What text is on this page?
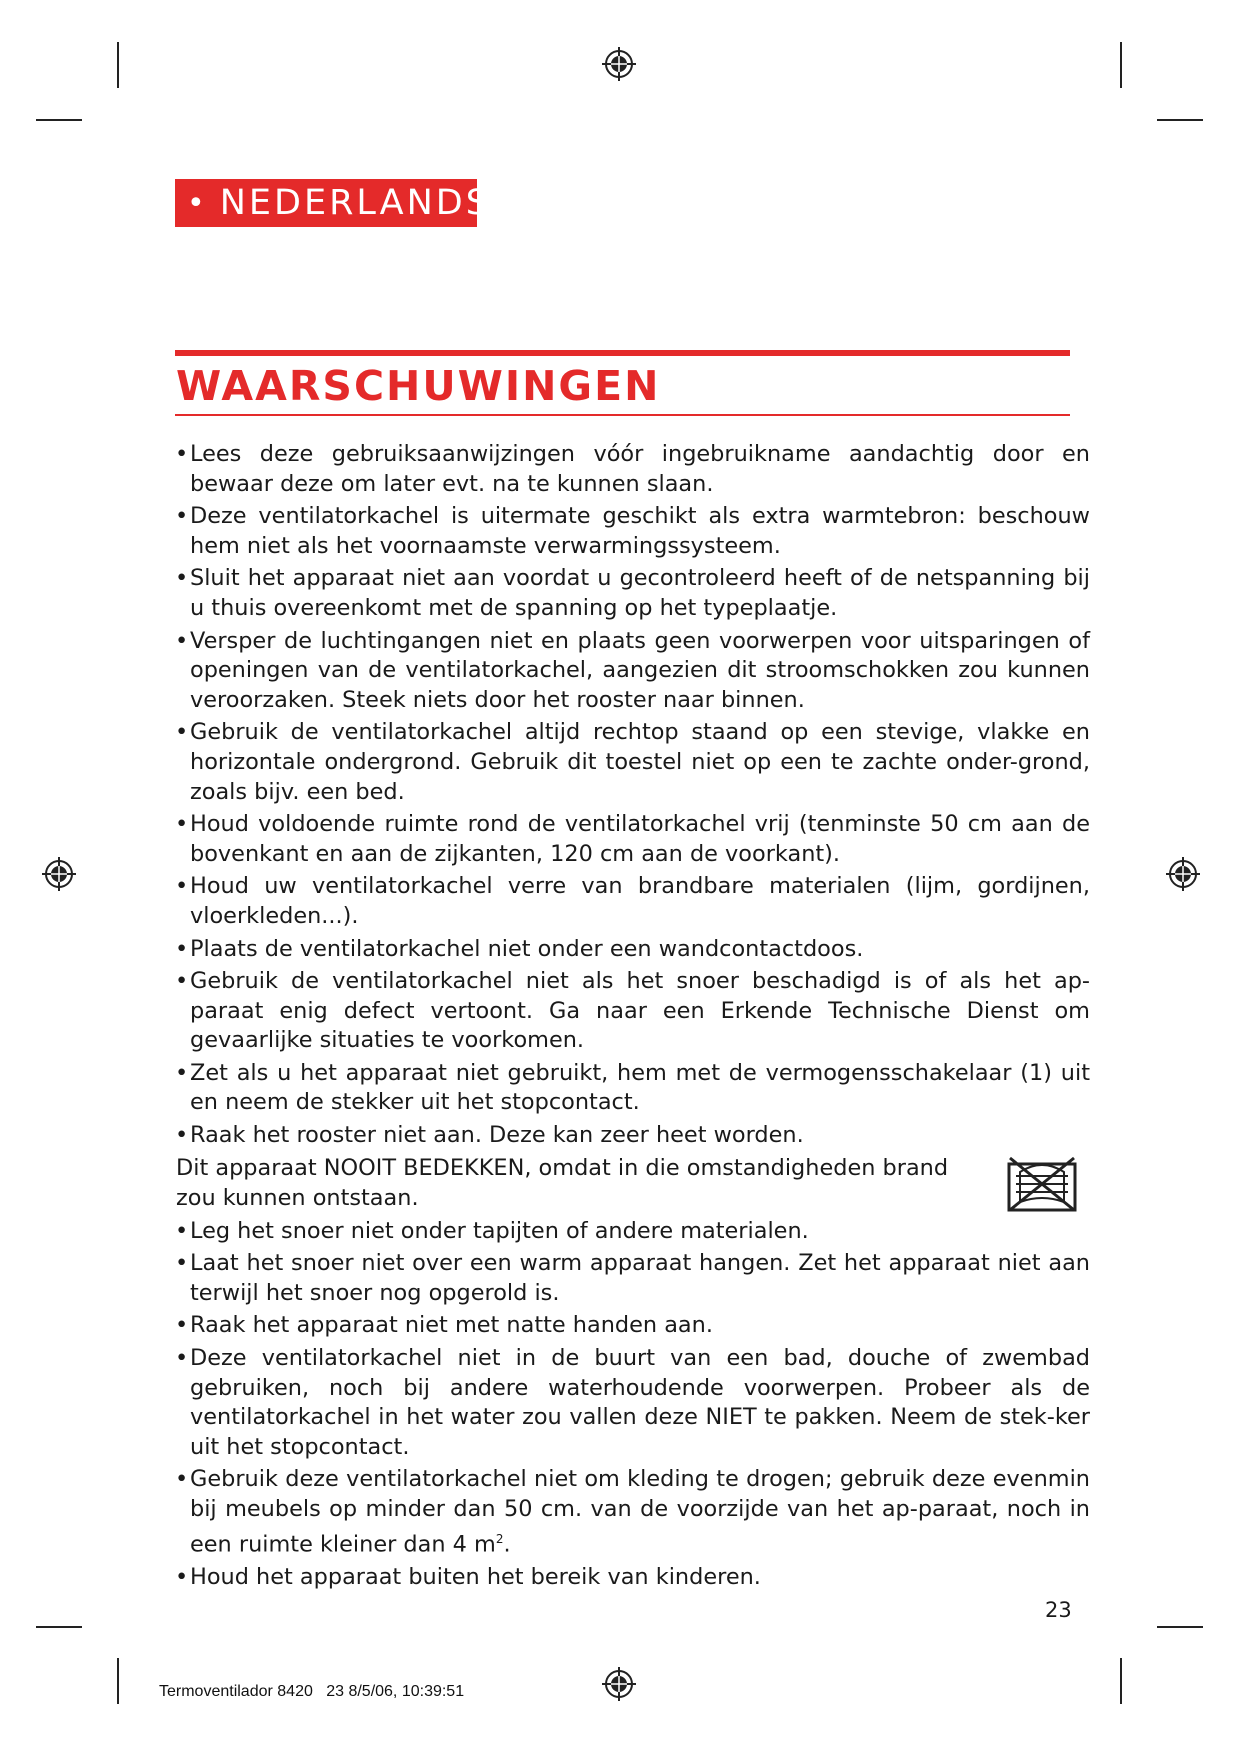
• NEDERLANDS
WAARSCHUWINGEN
• Lees deze gebruiksaanwijzingen vóór ingebruikname aandachtig door en bewaar deze om later evt. na te kunnen slaan.
• Deze ventilatorkachel is uitermate geschikt als extra warmtebron: beschouw hem niet als het voornaamste verwarmingssysteem.
• Sluit het apparaat niet aan voordat u gecontroleerd heeft of de netspanning bij u thuis overeenkomt met de spanning op het typeplaatje.
• Versper de luchtingangen niet en plaats geen voorwerpen voor uitsparingen of openingen van de ventilatorkachel, aangezien dit stroomschokken zou kunnen veroorzaken. Steek niets door het rooster naar binnen.
• Gebruik de ventilatorkachel altijd rechtop staand op een stevige, vlakke en horizontale ondergrond. Gebruik dit toestel niet op een te zachte onder-grond, zoals bijv. een bed.
• Houd voldoende ruimte rond de ventilatorkachel vrij (tenminste 50 cm aan de bovenkant en aan de zijkanten, 120 cm aan de voorkant).
• Houd uw ventilatorkachel verre van brandbare materialen (lijm, gordijnen, vloerkleden...).
• Plaats de ventilatorkachel niet onder een wandcontactdoos.
• Gebruik de ventilatorkachel niet als het snoer beschadigd is of als het ap-paraat enig defect vertoont. Ga naar een Erkende Technische Dienst om gevaarlijke situaties te voorkomen.
• Zet als u het apparaat niet gebruikt, hem met de vermogensschakelaar (1) uit en neem de stekker uit het stopcontact.
• Raak het rooster niet aan. Deze kan zeer heet worden.
Dit apparaat NOOIT BEDEKKEN, omdat in die omstandigheden brand zou kunnen ontstaan.
• Leg het snoer niet onder tapijten of andere materialen.
• Laat het snoer niet over een warm apparaat hangen. Zet het apparaat niet aan terwijl het snoer nog opgerold is.
• Raak het apparaat niet met natte handen aan.
• Deze ventilatorkachel niet in de buurt van een bad, douche of zwembad gebruiken, noch bij andere waterhoudende voorwerpen. Probeer als de ventilatorkachel in het water zou vallen deze NIET te pakken. Neem de stek-ker uit het stopcontact.
• Gebruik deze ventilatorkachel niet om kleding te drogen; gebruik deze evenmin bij meubels op minder dan 50 cm. van de voorzijde van het ap-paraat, noch in een ruimte kleiner dan 4 $m^2$.
• Houd het apparaat buiten het bereik van kinderen.
23
Termoventilador 8420   23 8/5/06, 10:39:51
